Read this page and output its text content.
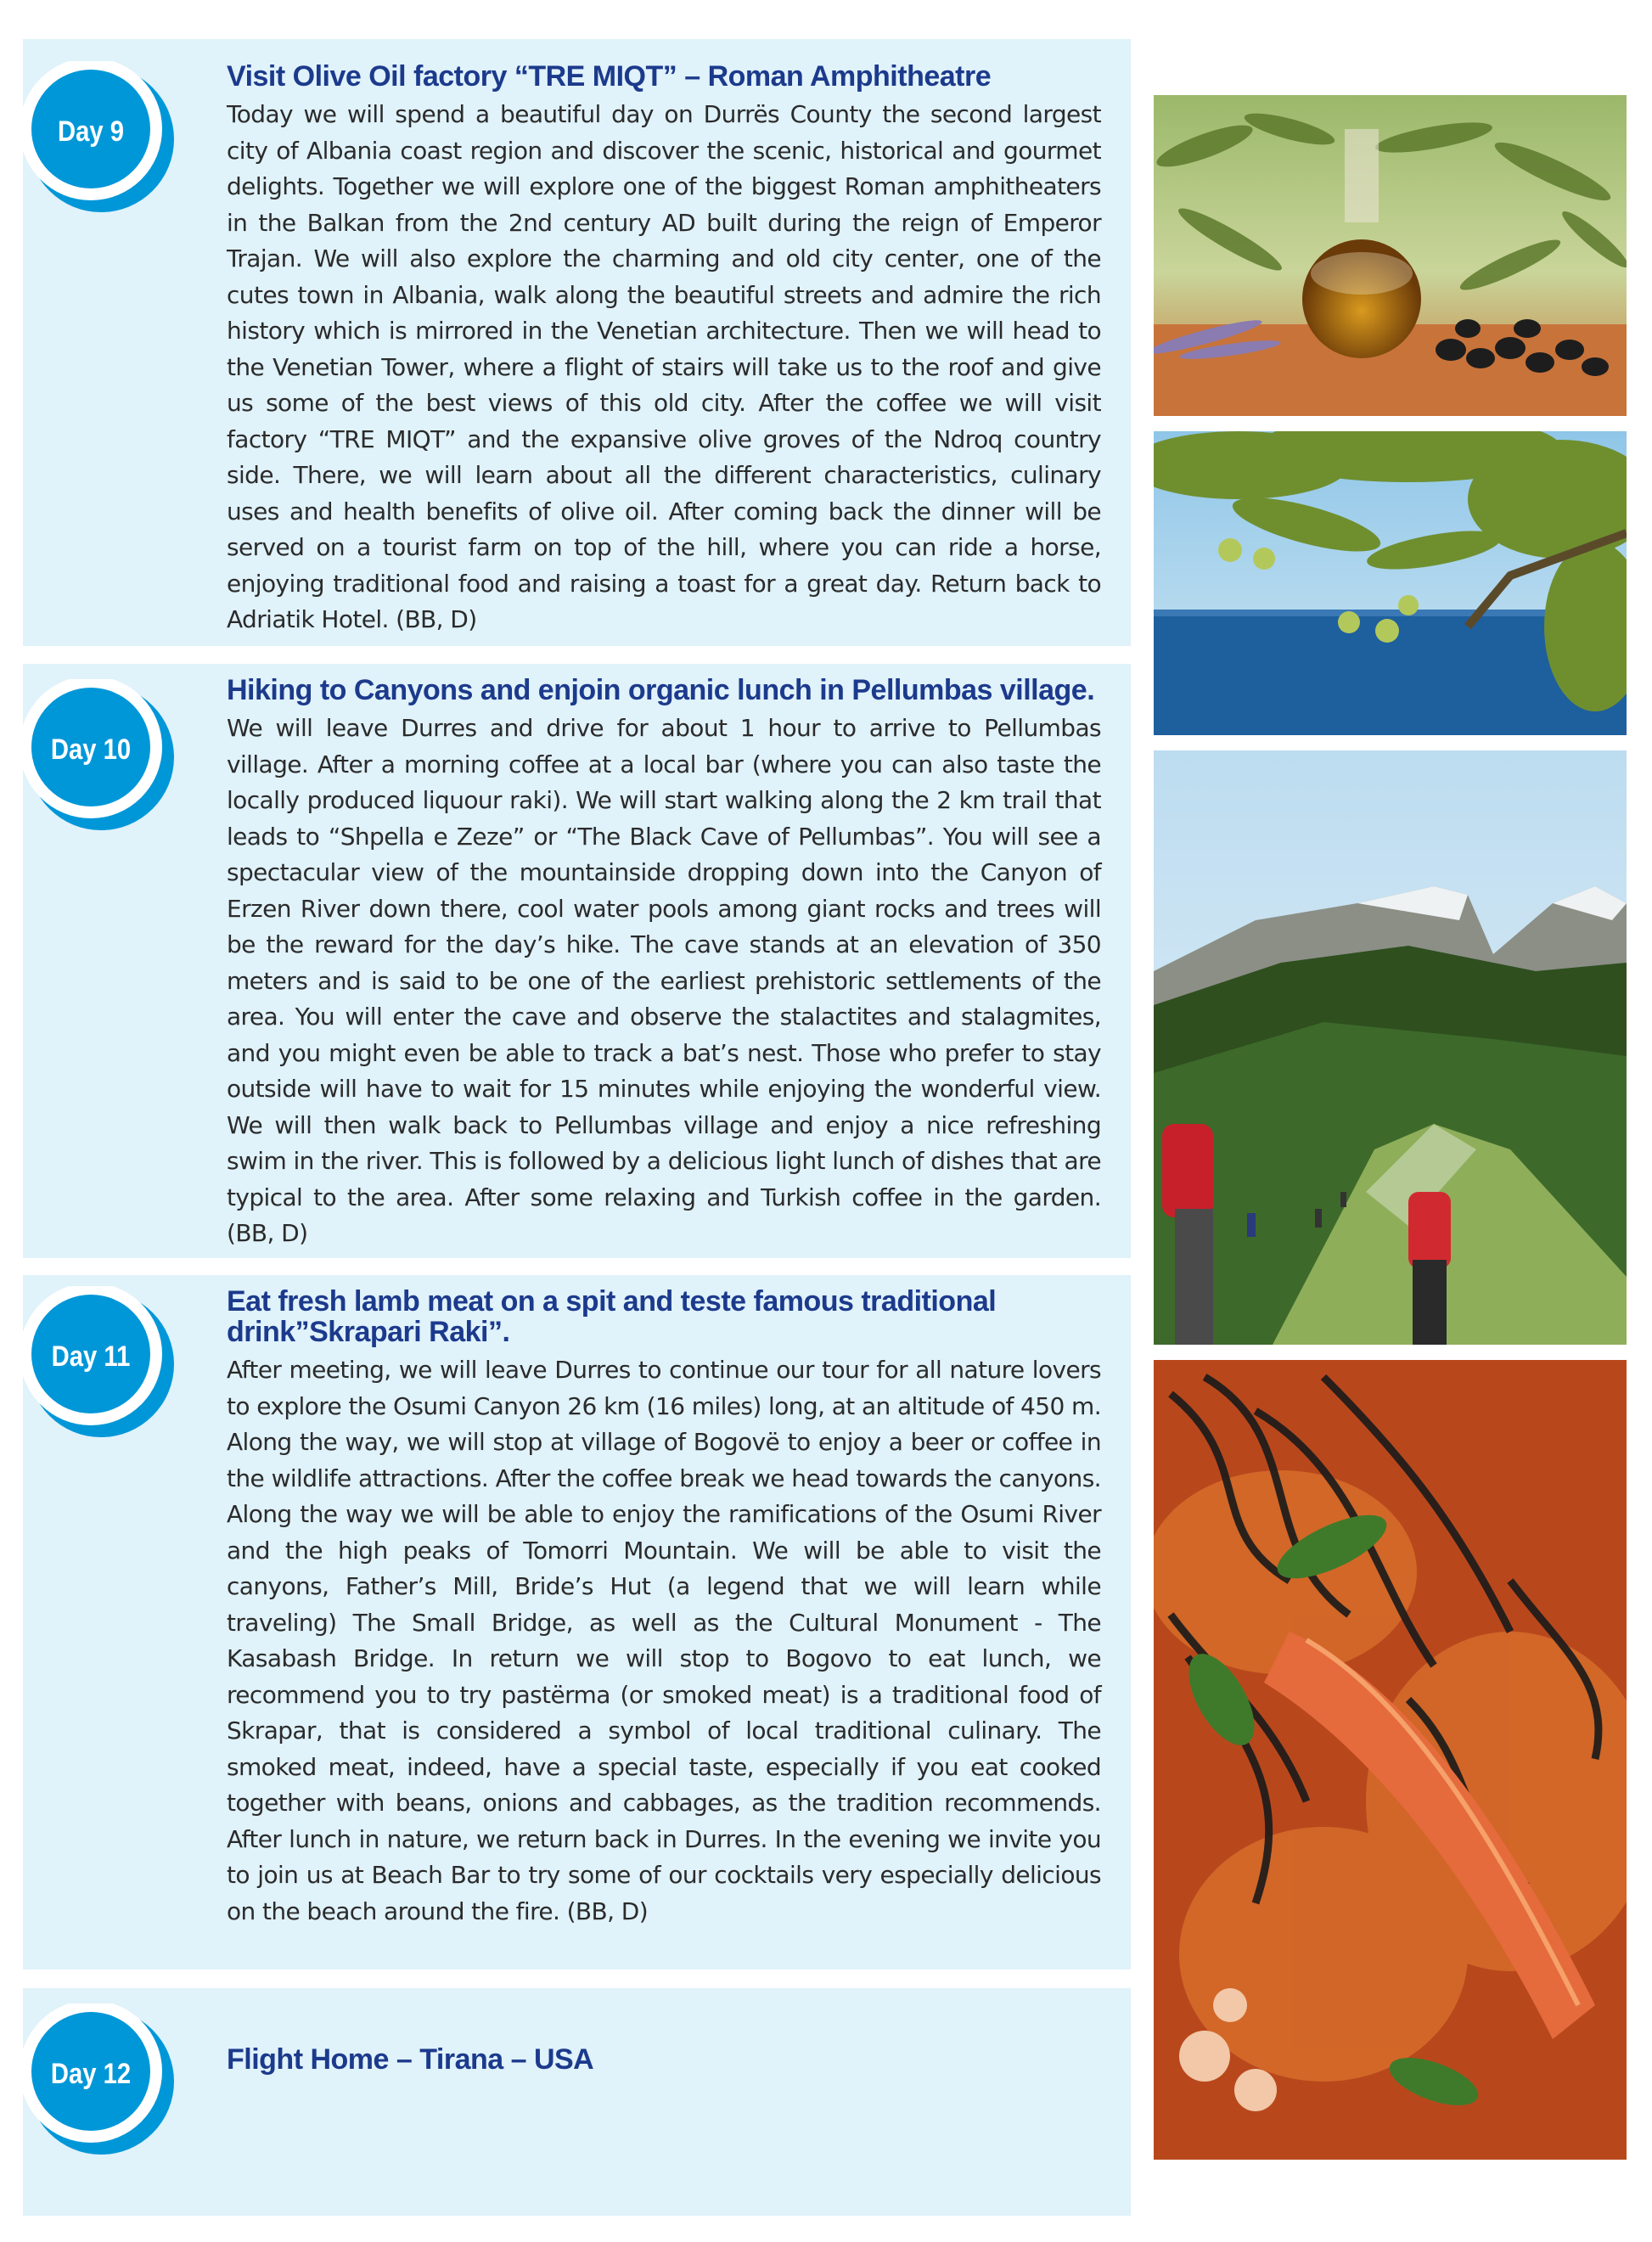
Day 9
Day 10
Day 11
Day 12
Visit Olive Oil factory “TRE MIQT” – Roman Amphitheatre

Today we will spend a beautiful day on Durrës County the second largest city of Albania coast region and discover the scenic, historical and gourmet delights. Together we will explore one of the biggest Roman amphitheaters in the Balkan from the 2nd century AD built during the reign of Emperor Trajan. We will also explore the charming and old city center, one of the cutes town in Albania, walk along the beautiful streets and admire the rich history which is mirrored in the Venetian architecture. Then we will head to the Venetian Tower, where a flight of stairs will take us to the roof and give us some of the best views of this old city. After the coffee we will visit factory “TRE MIQT” and the expansive olive groves of the Ndroq country side. There, we will learn about all the different characteristics, culinary uses and health benefits of olive oil. After coming back the dinner will be served on a tourist farm on top of the hill, where you can ride a horse, enjoying traditional food and raising a toast for a great day. Return back to Adriatik Hotel. (BB, D)

Hiking to Canyons and enjoin organic lunch in Pellumbas village.

We will leave Durres and drive for about 1 hour to arrive to Pellumbas village. After a morning coffee at a local bar (where you can also taste the locally produced liquour raki). We will start walking along the 2 km trail that leads to “Shpella e Zeze” or “The Black Cave of Pellumbas”. You will see a spectacular view of the mountainside dropping down into the Canyon of Erzen River down there, cool water pools among giant rocks and trees will be the reward for the day’s hike. The cave stands at an elevation of 350 meters and is said to be one of the earliest prehistoric settlements of the area. You will enter the cave and observe the stalactites and stalagmites, and you might even be able to track a bat’s nest. Those who prefer to stay outside will have to wait for 15 minutes while enjoying the wonderful view. We will then walk back to Pellumbas village and enjoy a nice refreshing swim in the river. This is followed by a delicious light lunch of dishes that are typical to the area. After some relaxing and Turkish coffee in the garden. (BB, D)

Eat fresh lamb meat on a spit and teste famous traditional drink”Skrapari Raki”.

After meeting, we will leave Durres to continue our tour for all nature lovers to explore the Osumi Canyon 26 km (16 miles) long, at an altitude of 450 m. Along the way, we will stop at village of Bogovë to enjoy a beer or coffee in the wildlife attractions. After the coffee break we head towards the canyons. Along the way we will be able to enjoy the ramifications of the Osumi River and the high peaks of Tomorri Mountain. We will be able to visit the canyons, Father’s Mill, Bride’s Hut (a legend that we will learn while traveling) The Small Bridge, as well as the Cultural Monument - The Kasabash Bridge. In return we will stop to Bogovo to eat lunch, we recommend you to try pastërma (or smoked meat) is a traditional food of Skrapar, that is considered a symbol of local traditional culinary. The smoked meat, indeed, have a special taste, especially if you eat cooked together with beans, onions and cabbages, as the tradition recommends. After lunch in nature, we return back in Durres. In the evening we invite you to join us at Beach Bar to try some of our cocktails very especially delicious on the beach around the fire. (BB, D)

Flight Home – Tirana – USA
